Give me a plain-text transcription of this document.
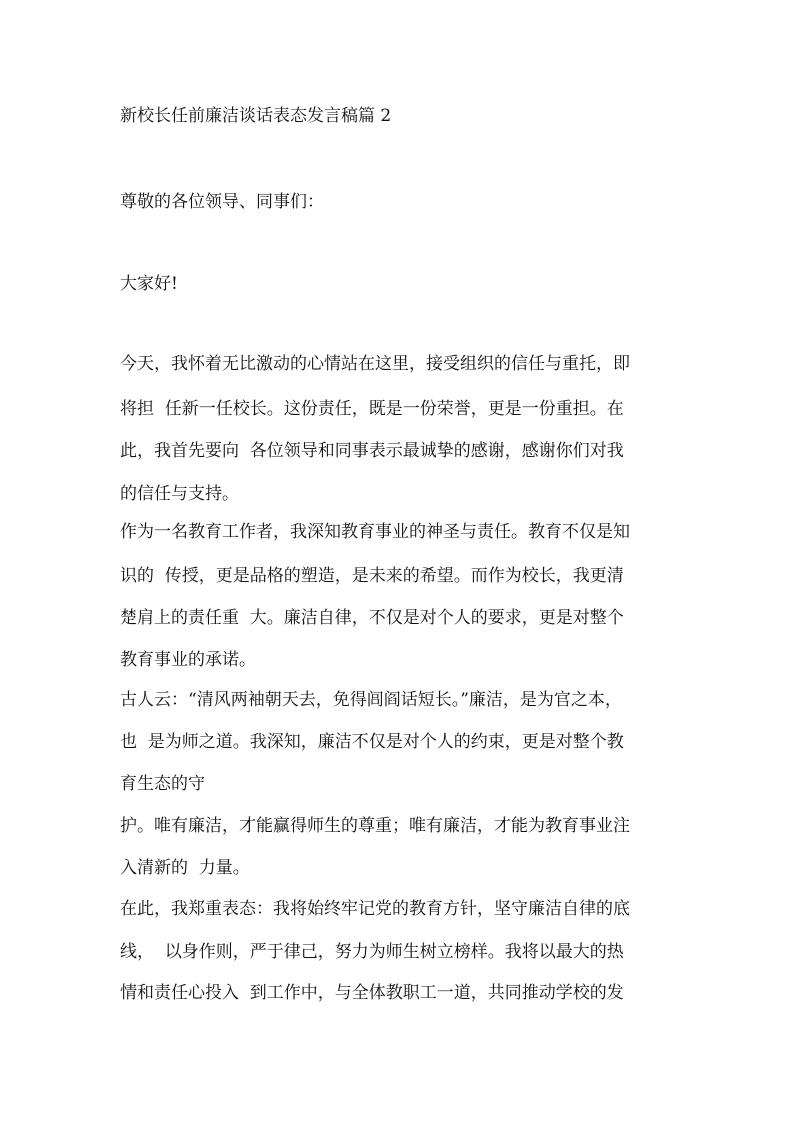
新校长任前廉洁谈话表态发言稿篇 2

尊敬的各位领导、同事们：

大家好!

今天，我怀着无比激动的心情站在这里，接受组织的信任与重托，即

将担  任新一任校长。这份责任，既是一份荣誉，更是一份重担。在

此，我首先要向  各位领导和同事表示最诚挚的感谢，感谢你们对我

的信任与支持。

作为一名教育工作者，我深知教育事业的神圣与责任。教育不仅是知

识的  传授，更是品格的塑造，是未来的希望。而作为校长，我更清

楚肩上的责任重  大。廉洁自律，不仅是对个人的要求，更是对整个

教育事业的承诺。

古人云：“清风两袖朝天去，免得闾阎话短长。”廉洁，是为官之本，

也  是为师之道。我深知，廉洁不仅是对个人的约束，更是对整个教

育生态的守

护。唯有廉洁，才能赢得师生的尊重；唯有廉洁，才能为教育事业注

入清新的  力量。

在此，我郑重表态：我将始终牢记党的教育方针，坚守廉洁自律的底

线，  以身作则，严于律己，努力为师生树立榜样。我将以最大的热

情和责任心投入  到工作中，与全体教职工一道，共同推动学校的发
